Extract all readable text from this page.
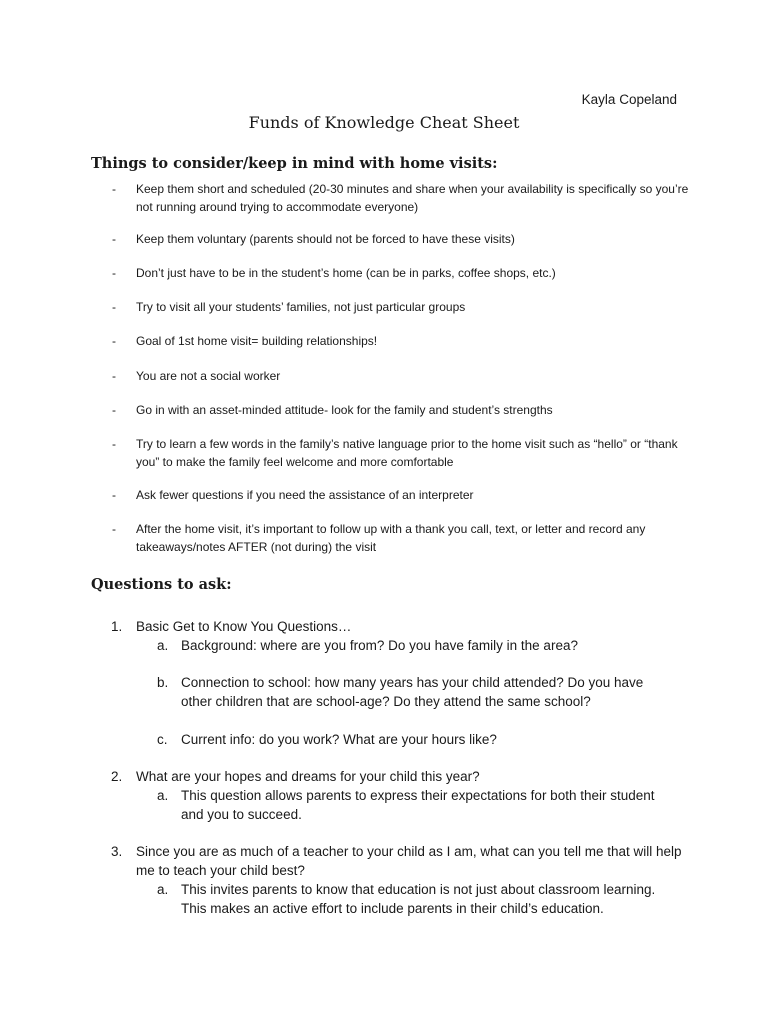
Kayla Copeland
Funds of Knowledge Cheat Sheet
Things to consider/keep in mind with home visits:
- Keep them short and scheduled (20-30 minutes and share when your availability is specifically so you’re not running around trying to accommodate everyone)
- Keep them voluntary (parents should not be forced to have these visits)
- Don’t just have to be in the student’s home (can be in parks, coffee shops, etc.)
- Try to visit all your students’ families, not just particular groups
- Goal of 1st home visit= building relationships!
- You are not a social worker
- Go in with an asset-minded attitude- look for the family and student’s strengths
- Try to learn a few words in the family’s native language prior to the home visit such as “hello” or “thank you” to make the family feel welcome and more comfortable
- Ask fewer questions if you need the assistance of an interpreter
- After the home visit, it’s important to follow up with a thank you call, text, or letter and record any takeaways/notes AFTER (not during) the visit
Questions to ask:
1. Basic Get to Know You Questions…
a. Background: where are you from? Do you have family in the area?
b. Connection to school: how many years has your child attended? Do you have other children that are school-age? Do they attend the same school?
c. Current info: do you work? What are your hours like?
2. What are your hopes and dreams for your child this year?
a. This question allows parents to express their expectations for both their student and you to succeed.
3. Since you are as much of a teacher to your child as I am, what can you tell me that will help me to teach your child best?
a. This invites parents to know that education is not just about classroom learning. This makes an active effort to include parents in their child’s education.
